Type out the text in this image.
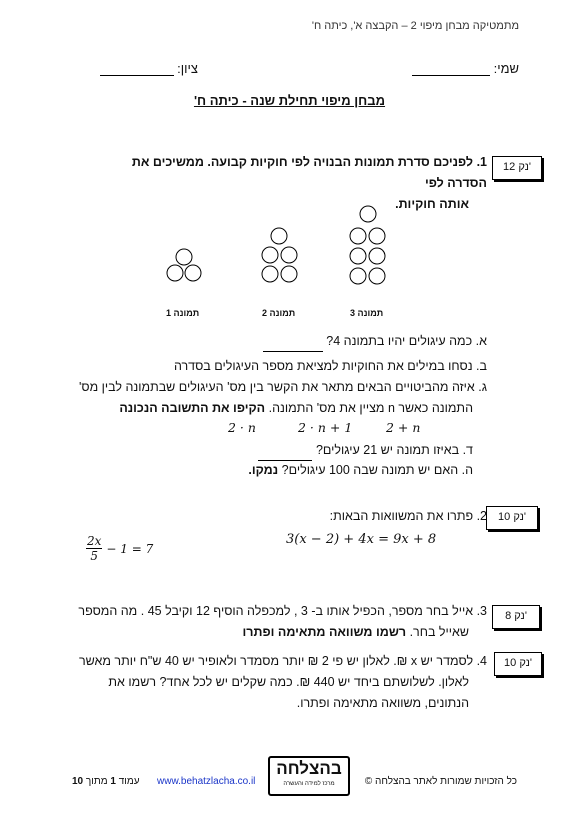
מתמטיקה מבחן מיפוי 2 – הקבצה א', כיתה ח'
שמי:
ציון:
מבחן מיפוי תחילת שנה - כיתה ח'
12 נק'
1. לפניכם סדרת תמונות הבנויה לפי חוקיות קבועה. ממשיכים את הסדרה לפי
אותה חוקיות.
תמונה 1	תמונה 2	תמונה 3
א. כמה עיגולים יהיו בתמונה 4?
ב. נסחו במילים את החוקיות למציאת מספר העיגולים בסדרה
ג. איזה מהביטויים הבאים מתאר את הקשר בין מס' העיגולים שבתמונה לבין מס'
התמונה כאשר n מציין את מס' התמונה. הקיפו את התשובה הנכונה
2 · n	2 · n + 1	2 + n
ד. באיזו תמונה יש 21 עיגולים?
ה. האם יש תמונה שבה 100 עיגולים? נמקו.
10 נק'
2. פתרו את המשוואות הבאות:
3(x − 2) + 4x = 9x + 8
$\frac{2x}{5} - 1 = 7$
8 נק'
3. אייל בחר מספר, הכפיל אותו ב- 3 , למכפלה הוסיף 12 וקיבל 45 . מה המספר
שאייל בחר. רשמו משוואה מתאימה ופתרו
10 נק'
4. לסמדר יש x ₪. לאלון יש פי 2 ₪ יותר מסמדר ולאופיר יש 40 ש"ח יותר מאשר
לאלון. לשלושתם ביחד יש 440 ₪. כמה שקלים יש לכל אחד? רשמו את
הנתונים, משוואה מתאימה ופתרו.
כל הזכויות שמורות לאתר בהצלחה ©
בהצלחה
מרכז למידה והעשרה
www.behatzlacha.co.il
עמוד 1 מתוך 10
